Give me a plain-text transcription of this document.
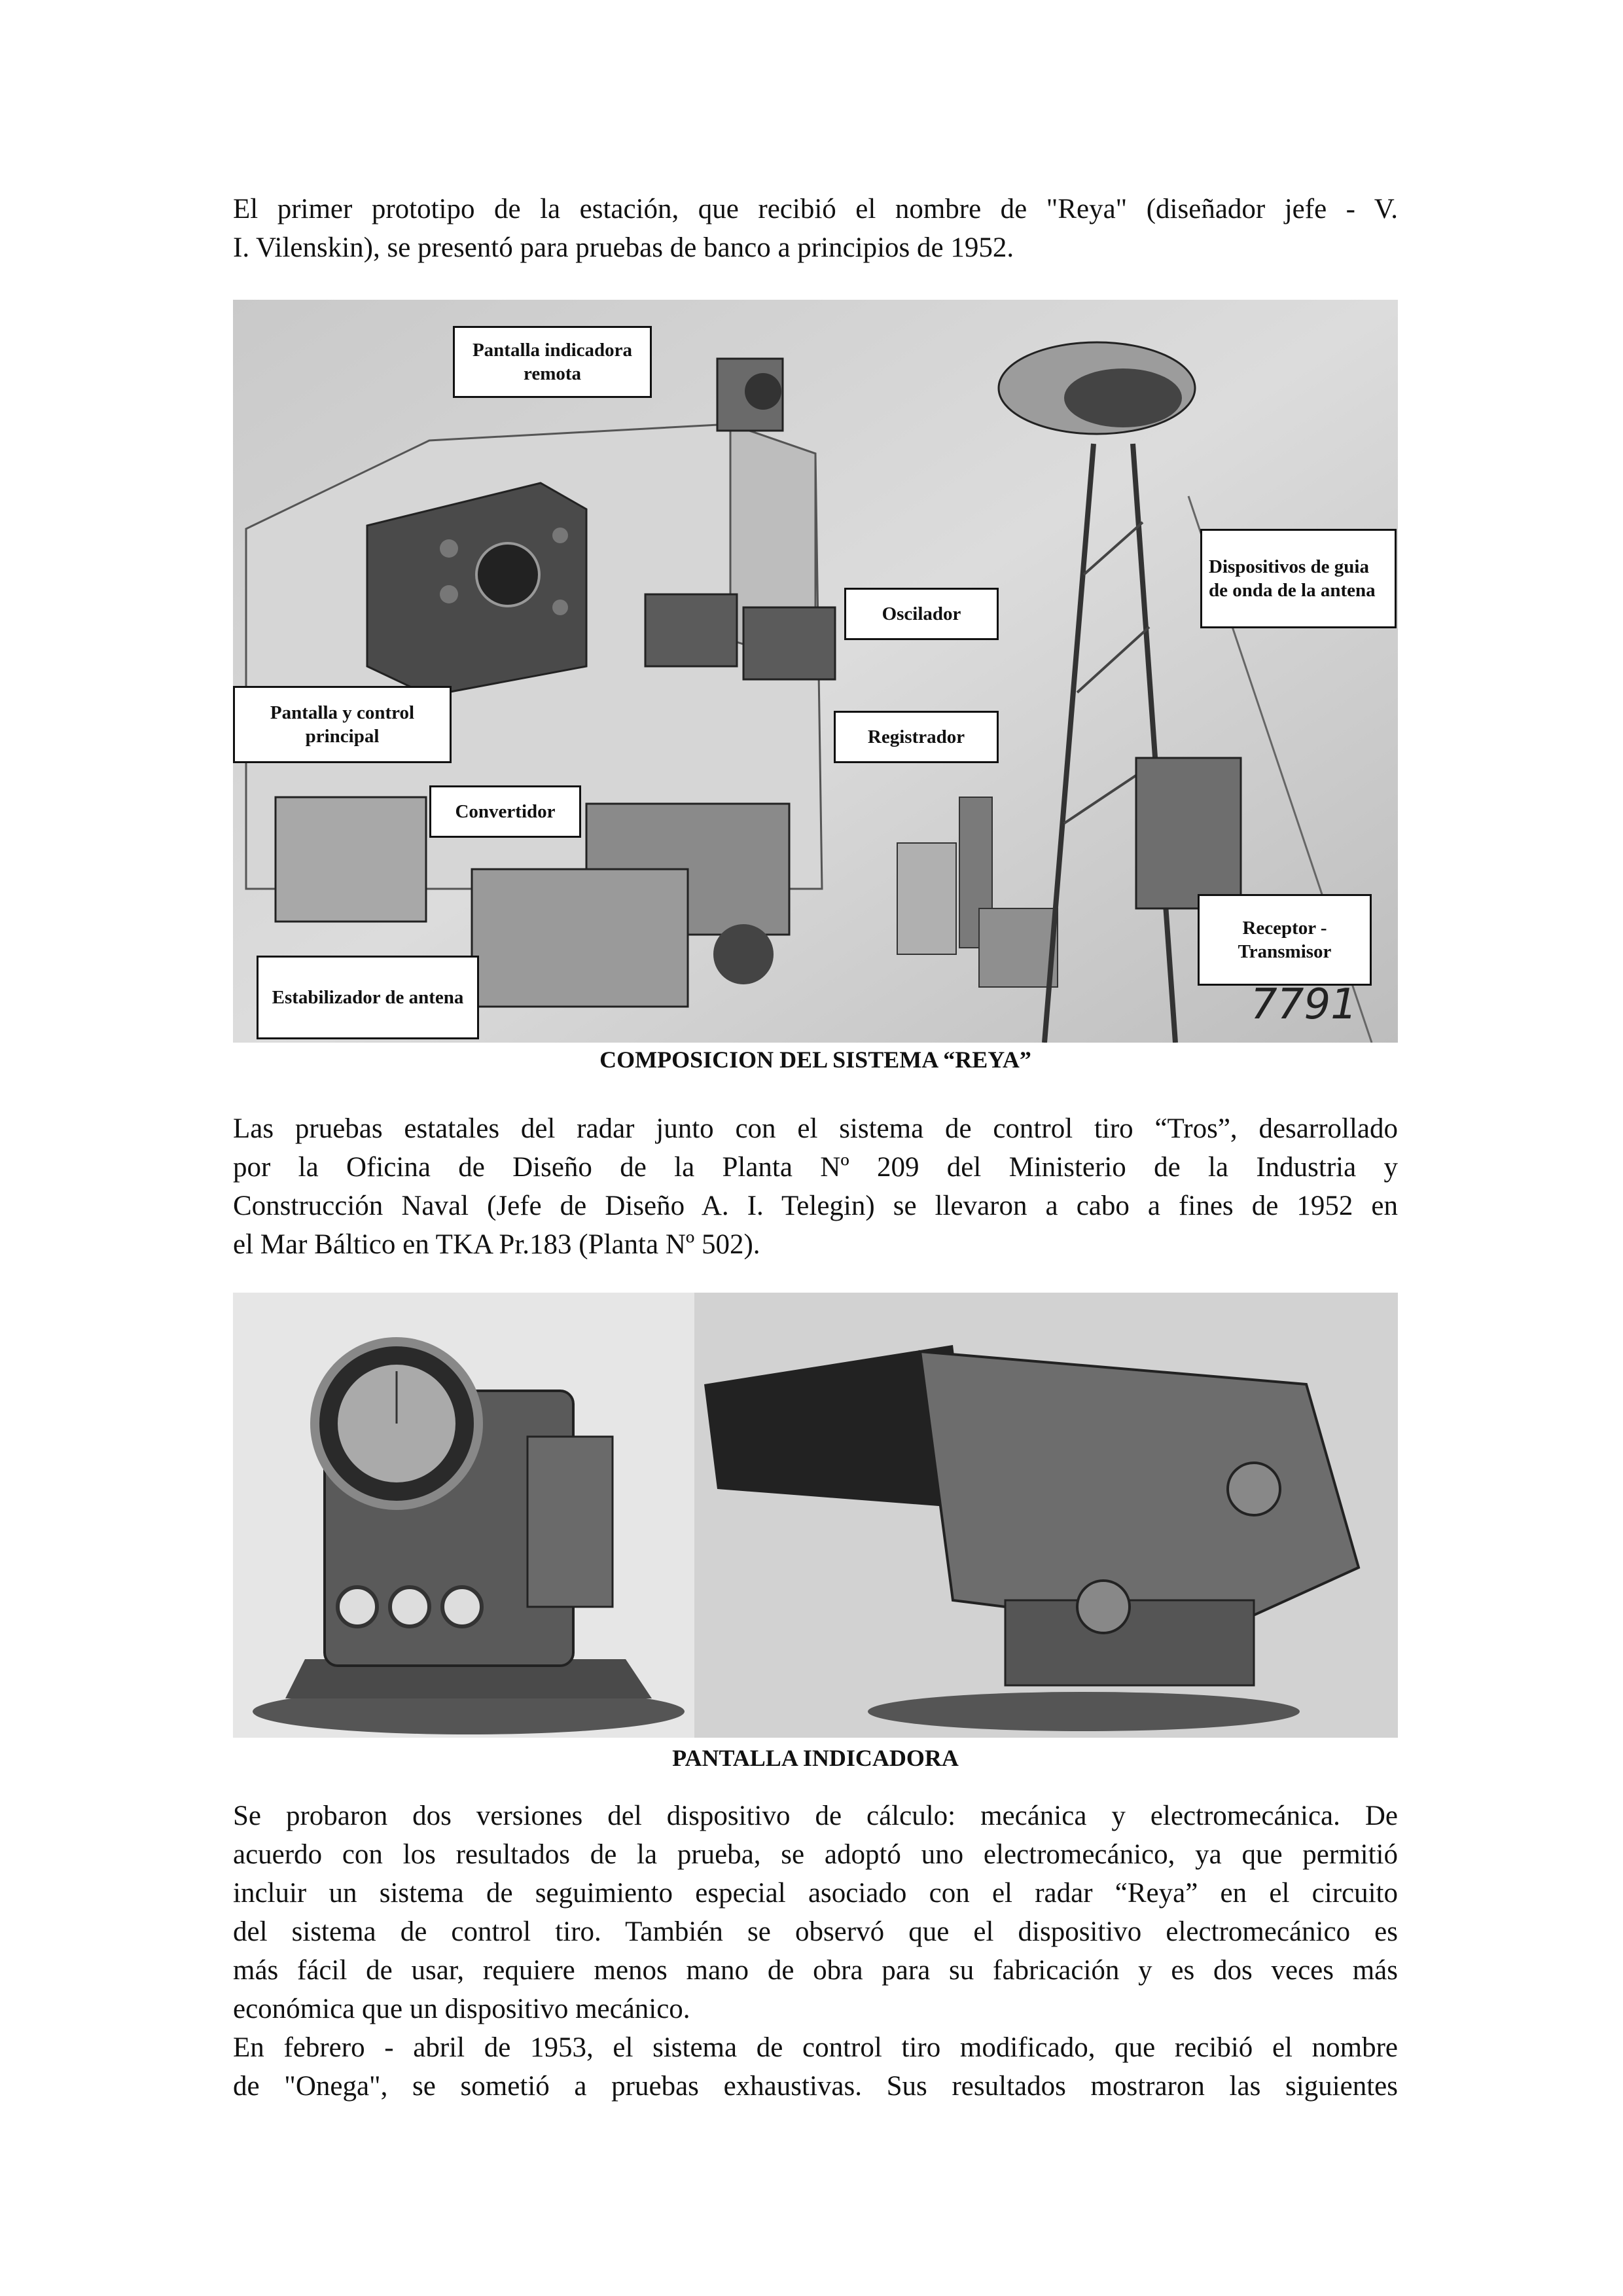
El primer prototipo de la estación, que recibió el nombre de "Reya" (diseñador jefe - V.
I. Vilenskin), se presentó para pruebas de banco a principios de 1952.
Pantalla indicadora remota
Oscilador
Dispositivos de guia de onda de la antena
Pantalla y control principal	Registrador
Convertidor
Receptor - Transmisor
Estabilizador de antena	7791
COMPOSICION DEL SISTEMA “REYA”
Las pruebas estatales del radar junto con el sistema de control tiro “Tros”, desarrollado
por la Oficina de Diseño de la Planta Nº 209 del Ministerio de la Industria y
Construcción Naval (Jefe de Diseño A. I. Telegin) se llevaron a cabo a fines de 1952 en
el Mar Báltico en TKA Pr.183 (Planta Nº 502).
PANTALLA INDICADORA
Se probaron dos versiones del dispositivo de cálculo: mecánica y electromecánica. De
acuerdo con los resultados de la prueba, se adoptó uno electromecánico, ya que permitió
incluir un sistema de seguimiento especial asociado con el radar “Reya” en el circuito
del sistema de control tiro. También se observó que el dispositivo electromecánico es
más fácil de usar, requiere menos mano de obra para su fabricación y es dos veces más
económica que un dispositivo mecánico.
En febrero - abril de 1953, el sistema de control tiro modificado, que recibió el nombre
de "Onega", se sometió a pruebas exhaustivas. Sus resultados mostraron las siguientes
